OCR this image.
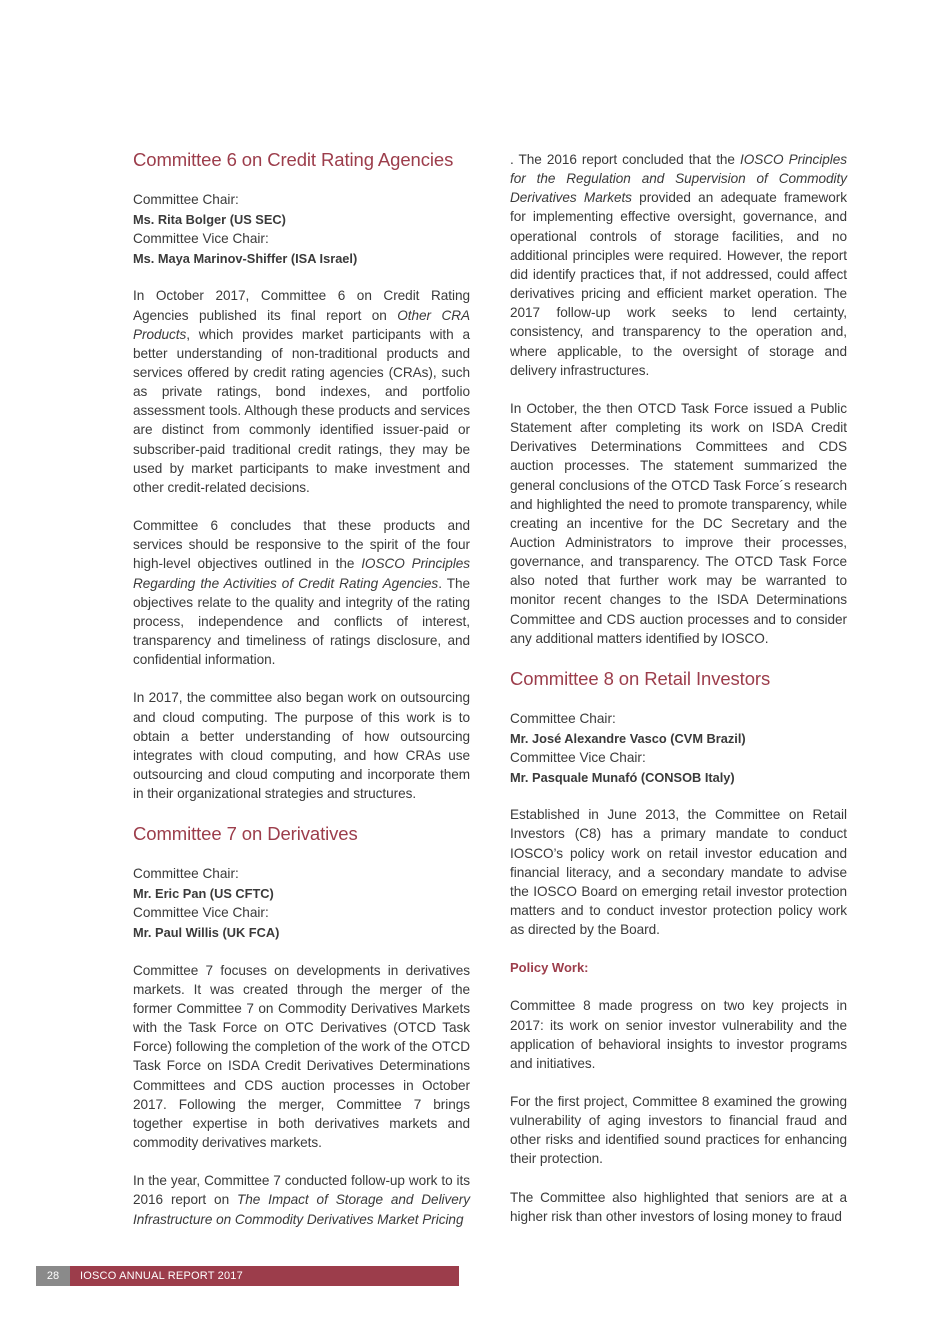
Committee 6 on Credit Rating Agencies
Committee Chair:
Ms. Rita Bolger (US SEC)
Committee Vice Chair:
Ms. Maya Marinov-Shiffer (ISA Israel)

In October 2017, Committee 6 on Credit Rating Agencies published its final report on Other CRA Products, which provides market participants with a better understanding of non-traditional products and services offered by credit rating agencies (CRAs), such as private ratings, bond indexes, and portfolio assessment tools. Although these products and services are distinct from commonly identified issuer-paid or subscriber-paid traditional credit ratings, they may be used by market participants to make investment and other credit-related decisions.

Committee 6 concludes that these products and services should be responsive to the spirit of the four high-level objectives outlined in the IOSCO Principles Regarding the Activities of Credit Rating Agencies. The objectives relate to the quality and integrity of the rating process, independence and conflicts of interest, transparency and timeliness of ratings disclosure, and confidential information.

In 2017, the committee also began work on outsourcing and cloud computing. The purpose of this work is to obtain a better understanding of how outsourcing integrates with cloud computing, and how CRAs use outsourcing and cloud computing and incorporate them in their organizational strategies and structures.

Committee 7 on Derivatives
Committee Chair:
Mr. Eric Pan (US CFTC)
Committee Vice Chair:
Mr. Paul Willis (UK FCA)

Committee 7 focuses on developments in derivatives markets. It was created through the merger of the former Committee 7 on Commodity Derivatives Markets with the Task Force on OTC Derivatives (OTCD Task Force) following the completion of the work of the OTCD Task Force on ISDA Credit Derivatives Determinations Committees and CDS auction processes in October 2017. Following the merger, Committee 7 brings together expertise in both derivatives markets and commodity derivatives markets.

In the year, Committee 7 conducted follow-up work to its 2016 report on The Impact of Storage and Delivery Infrastructure on Commodity Derivatives Market Pricing

. The 2016 report concluded that the IOSCO Principles for the Regulation and Supervision of Commodity Derivatives Markets provided an adequate framework for implementing effective oversight, governance, and operational controls of storage facilities, and no additional principles were required. However, the report did identify practices that, if not addressed, could affect derivatives pricing and efficient market operation. The 2017 follow-up work seeks to lend certainty, consistency, and transparency to the operation and, where applicable, to the oversight of storage and delivery infrastructures.

In October, the then OTCD Task Force issued a Public Statement after completing its work on ISDA Credit Derivatives Determinations Committees and CDS auction processes. The statement summarized the general conclusions of the OTCD Task Force´s research and highlighted the need to promote transparency, while creating an incentive for the DC Secretary and the Auction Administrators to improve their processes, governance, and transparency. The OTCD Task Force also noted that further work may be warranted to monitor recent changes to the ISDA Determinations Committee and CDS auction processes and to consider any additional matters identified by IOSCO.

Committee 8 on Retail Investors
Committee Chair:
Mr. José Alexandre Vasco (CVM Brazil)
Committee Vice Chair:
Mr. Pasquale Munafó (CONSOB Italy)

Established in June 2013, the Committee on Retail Investors (C8) has a primary mandate to conduct IOSCO’s policy work on retail investor education and financial literacy, and a secondary mandate to advise the IOSCO Board on emerging retail investor protection matters and to conduct investor protection policy work as directed by the Board.

Policy Work:

Committee 8 made progress on two key projects in 2017: its work on senior investor vulnerability and the application of behavioral insights to investor programs and initiatives.

For the first project, Committee 8 examined the growing vulnerability of aging investors to financial fraud and other risks and identified sound practices for enhancing their protection.

The Committee also highlighted that seniors are at a higher risk than other investors of losing money to fraud

28	IOSCO ANNUAL REPORT 2017
